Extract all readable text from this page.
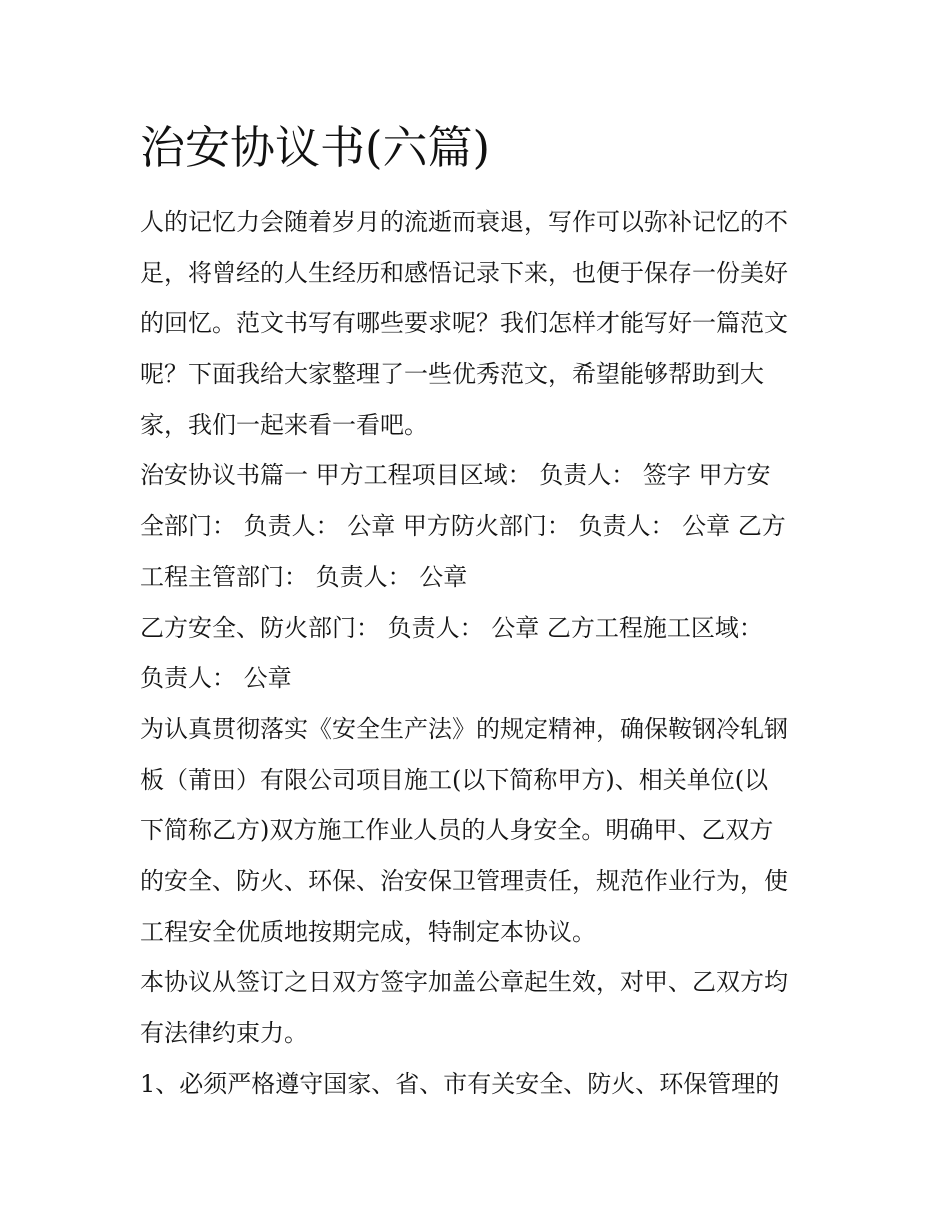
治安协议书(六篇)
人的记忆力会随着岁月的流逝而衰退，写作可以弥补记忆的不
足，将曾经的人生经历和感悟记录下来，也便于保存一份美好
的回忆。范文书写有哪些要求呢？我们怎样才能写好一篇范文
呢？下面我给大家整理了一些优秀范文，希望能够帮助到大
家，我们一起来看一看吧。
治安协议书篇一 甲方工程项目区域： 负责人： 签字 甲方安
全部门： 负责人： 公章 甲方防火部门： 负责人： 公章 乙方
工程主管部门： 负责人： 公章
乙方安全、防火部门： 负责人： 公章 乙方工程施工区域：
负责人： 公章
为认真贯彻落实《安全生产法》的规定精神，确保鞍钢冷轧钢
板（莆田）有限公司项目施工(以下简称甲方)、相关单位(以
下简称乙方)双方施工作业人员的人身安全。明确甲、乙双方
的安全、防火、环保、治安保卫管理责任，规范作业行为，使
工程安全优质地按期完成，特制定本协议。
本协议从签订之日双方签字加盖公章起生效，对甲、乙双方均
有法律约束力。
1、必须严格遵守国家、省、市有关安全、防火、环保管理的
